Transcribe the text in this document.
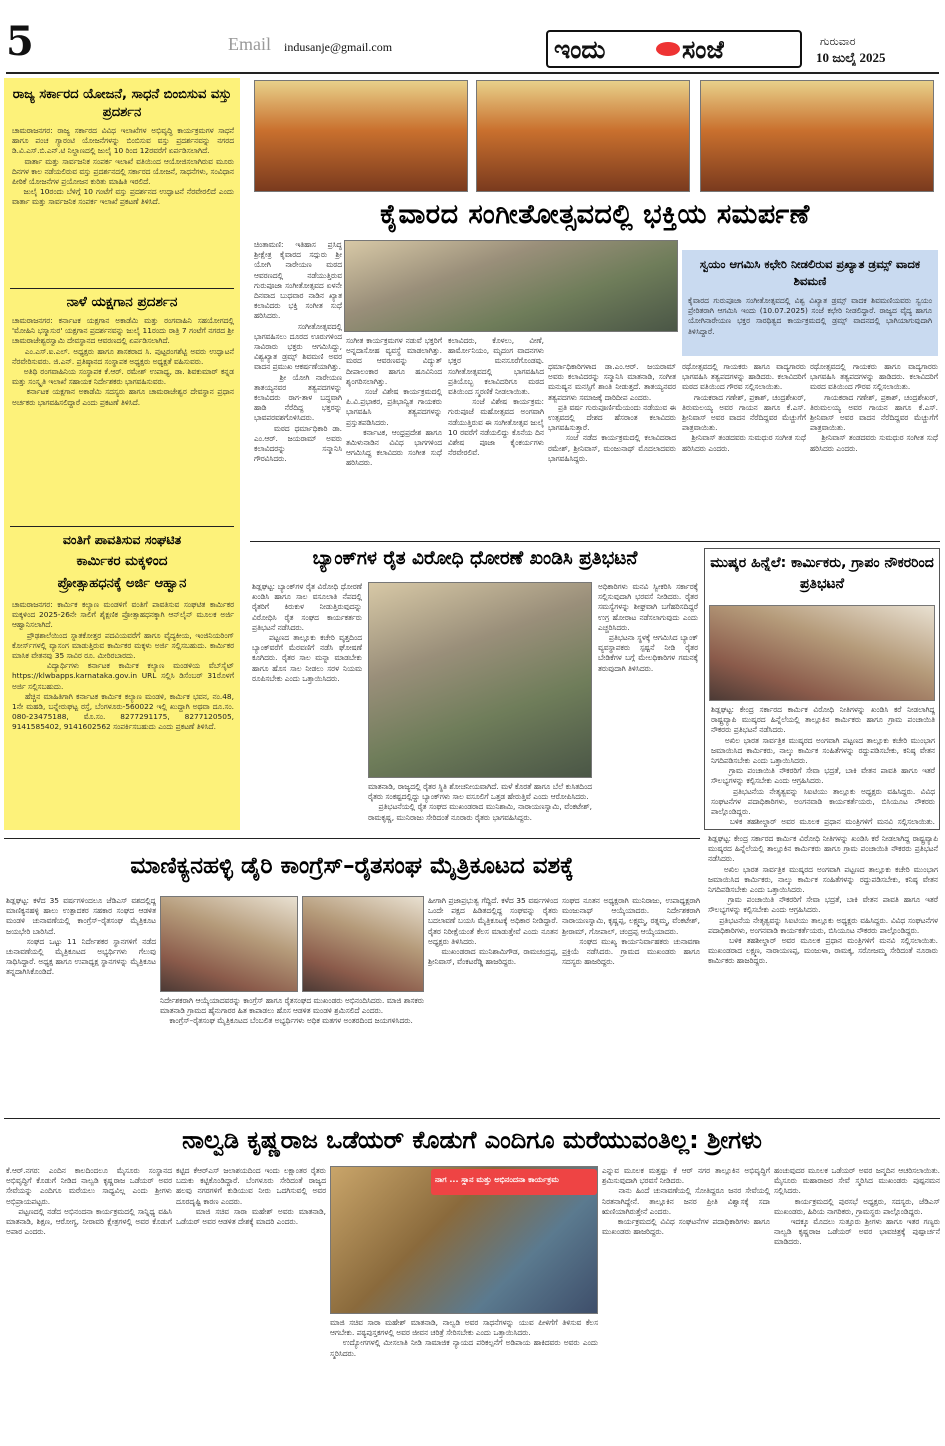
5	Email indusanje@gmail.com	ಇಂದು	ಸಂಜೆ	ಗುರುವಾರ
10 ಜುಲೈ 2025
ರಾಜ್ಯ ಸರ್ಕಾರದ ಯೋಜನೆ, ಸಾಧನೆ ಬಿಂಬಿಸುವ ವಸ್ತು ಪ್ರದರ್ಶನ
ಚಾಮರಾಜನಗರ: ರಾಜ್ಯ ಸರ್ಕಾರದ ವಿವಿಧ ಇಲಾಖೆಗಳ ಅಭಿವೃದ್ಧಿ ಕಾರ್ಯಕ್ರಮಗಳ ಸಾಧನೆ ಹಾಗೂ ಪಂಚ ಗ್ಯಾರಂಟಿ ಯೋಜನೆಗಳನ್ನು ಬಿಂಬಿಸುವ ವಸ್ತು ಪ್ರದರ್ಶನವನ್ನು ನಗರದ ಡಿ.ವಿ.ಎಸ್.ಬಿ.ಎನ್.ಟಿ ನಿಲ್ದಾಣದಲ್ಲಿ ಜುಲೈ 10 ರಿಂದ 12ರವರೆಗೆ ಏರ್ಪಡಿಸಲಾಗಿದೆ.
ವಾರ್ತಾ ಮತ್ತು ಸಾರ್ವಜನಿಕ ಸಂಪರ್ಕ ಇಲಾಖೆ ವತಿಯಿಂದ ಆಯೋಜಿಸಲಾಗಿರುವ ಮೂರು ದಿನಗಳ ಕಾಲ ನಡೆಯಲಿರುವ ವಸ್ತು ಪ್ರದರ್ಶನದಲ್ಲಿ ಸರ್ಕಾರದ ಯೋಜನೆ, ಸಾಧನೆಗಳು, ಸಂವಿಧಾನ ಪೀಠಿಕೆ ಯೋಜನೆಗಳ ಪ್ರಯೋಜನ ಕುರಿತು ಮಾಹಿತಿ ಇರಲಿದೆ.
ಜುಲೈ 10ರಂದು ಬೆಳಿಗ್ಗೆ 10 ಗಂಟೆಗೆ ವಸ್ತು ಪ್ರದರ್ಶನದ ಉದ್ಘಾಟನೆ ನೆರವೇರಲಿದೆ ಎಂದು ವಾರ್ತಾ ಮತ್ತು ಸಾರ್ವಜನಿಕ ಸಂಪರ್ಕ ಇಲಾಖೆ ಪ್ರಕಟಣೆ ತಿಳಿಸಿದೆ.
ನಾಳೆ ಯಕ್ಷಗಾನ ಪ್ರದರ್ಶನ
ಚಾಮರಾಜನಗರ: ಕರ್ನಾಟಕ ಯಕ್ಷಗಾನ ಅಕಾಡೆಮಿ ಮತ್ತು ರಂಗವಾಹಿನಿ ಸಹಯೋಗದಲ್ಲಿ 'ಮೋಹಿನಿ ಭಸ್ಮಾಸುರ' ಯಕ್ಷಗಾನ ಪ್ರದರ್ಶನವನ್ನು ಜುಲೈ 11ರಂದು ರಾತ್ರಿ 7 ಗಂಟೆಗೆ ನಗರದ ಶ್ರೀ ಚಾಮರಾಜೇಶ್ವರಸ್ವಾಮಿ ದೇವಸ್ಥಾನದ ಆವರಣದಲ್ಲಿ ಏರ್ಪಡಿಸಲಾಗಿದೆ.
ಎಂ.ಎಸ್.ಐ.ಎಲ್. ಅಧ್ಯಕ್ಷರು ಹಾಗೂ ಶಾಸಕರಾದ ಸಿ. ಪುಟ್ಟರಂಗಶೆಟ್ಟಿ ಅವರು ಉದ್ಘಾಟನೆ ನೆರವೇರಿಸುವರು. ಜಿ.ಎನ್. ಪ್ರತಿಷ್ಠಾನದ ಸಂಸ್ಥಾಪಕ ಅಧ್ಯಕ್ಷರು ಅಧ್ಯಕ್ಷತೆ ವಹಿಸುವರು.
ಅತಿಥಿ ರಂಗವಾಹಿನಿಯ ಸಂಸ್ಥಾಪಕ ಕೆ.ಆರ್. ರಮೇಶ್ ಉಪಾಧ್ಯ, ಡಾ. ಶಿವಕುಮಾರ್ ಕನ್ನಡ ಮತ್ತು ಸಂಸ್ಕೃತಿ ಇಲಾಖೆ ಸಹಾಯಕ ನಿರ್ದೇಶಕರು ಭಾಗವಹಿಸುವರು.
ಕರ್ನಾಟಕ ಯಕ್ಷಗಾನ ಅಕಾಡೆಮಿ ಸದಸ್ಯರು ಹಾಗೂ ಚಾಮರಾಜೇಶ್ವರ ದೇವಸ್ಥಾನ ಪ್ರಧಾನ ಅರ್ಚಕರು ಭಾಗವಹಿಸಲಿದ್ದಾರೆ ಎಂದು ಪ್ರಕಟಣೆ ತಿಳಿಸಿದೆ.
ವಂತಿಗೆ ಪಾವತಿಸುವ ಸಂಘಟಿತ
ಕಾರ್ಮಿಕರ ಮಕ್ಕಳಿಂದ
ಪ್ರೋತ್ಸಾಹಧನಕ್ಕೆ ಅರ್ಜಿ ಆಹ್ವಾನ
ಚಾಮರಾಜನಗರ: ಕಾರ್ಮಿಕ ಕಲ್ಯಾಣ ಮಂಡಳಿಗೆ ವಂತಿಗೆ ಪಾವತಿಸುವ ಸಂಘಟಿತ ಕಾರ್ಮಿಕರ ಮಕ್ಕಳಿಂದ 2025-26ನೇ ಸಾಲಿಗೆ ಶೈಕ್ಷಣಿಕ ಪ್ರೋತ್ಸಾಹಧನಕ್ಕಾಗಿ ಆನ್‌ಲೈನ್ ಮೂಲಕ ಅರ್ಜಿ ಆಹ್ವಾನಿಸಲಾಗಿದೆ.
ಪ್ರೌಢಶಾಲೆಯಿಂದ ಸ್ನಾತಕೋತ್ತರ ಪದವಿಯವರೆಗೆ ಹಾಗೂ ವೈದ್ಯಕೀಯ, ಇಂಜಿನಿಯರಿಂಗ್ ಕೋರ್ಸ್‌ಗಳಲ್ಲಿ ವ್ಯಾಸಂಗ ಮಾಡುತ್ತಿರುವ ಕಾರ್ಮಿಕರ ಮಕ್ಕಳು ಅರ್ಜಿ ಸಲ್ಲಿಸಬಹುದು. ಕಾರ್ಮಿಕರ ಮಾಸಿಕ ವೇತನವು 35 ಸಾವಿರ ರೂ. ಮೀರಿರಬಾರದು.
ವಿದ್ಯಾರ್ಥಿಗಳು ಕರ್ನಾಟಕ ಕಾರ್ಮಿಕ ಕಲ್ಯಾಣ ಮಂಡಳಿಯ ವೆಬ್‌ಸೈಟ್ https://klwbapps.karnataka.gov.in URL ಸಲ್ಲಿಸಿ ಡಿಸೆಂಬರ್ 31ರೊಳಗೆ ಅರ್ಜಿ ಸಲ್ಲಿಸಬಹುದು.
ಹೆಚ್ಚಿನ ಮಾಹಿತಿಗಾಗಿ ಕರ್ನಾಟಕ ಕಾರ್ಮಿಕ ಕಲ್ಯಾಣ ಮಂಡಳಿ, ಕಾರ್ಮಿಕ ಭವನ, ನಂ.48, 1ನೇ ಮಹಡಿ, ಬನ್ನೇರುಘಟ್ಟ ರಸ್ತೆ, ಬೆಂಗಳೂರು-560022 ಇಲ್ಲಿ ಖುದ್ದಾಗಿ ಅಥವಾ ದೂ.ಸಂ. 080-23475188, ಮೊ.ಸಂ. 8277291175, 8277120505, 9141585402, 9141602562 ಸಂಪರ್ಕಿಸಬಹುದು ಎಂದು ಪ್ರಕಟಣೆ ತಿಳಿಸಿದೆ.
ಕೈವಾರದ ಸಂಗೀತೋತ್ಸವದಲ್ಲಿ ಭಕ್ತಿಯ ಸಮರ್ಪಣೆ
ಚಿಂತಾಮಣಿ: ಇತಿಹಾಸ ಪ್ರಸಿದ್ಧ ಶ್ರೀಕ್ಷೇತ್ರ ಕೈವಾರದ ಸದ್ಗುರು ಶ್ರೀ ಯೋಗಿ ನಾರೇಯಣ ಮಠದ ಆವರಣದಲ್ಲಿ ನಡೆಯುತ್ತಿರುವ ಗುರುಪೂಜಾ ಸಂಗೀತೋತ್ಸವದ ಏಳನೇ ದಿನವಾದ ಬುಧವಾರ ನಾಡಿನ ಖ್ಯಾತ ಕಲಾವಿದರು ಭಕ್ತಿ ಸಂಗೀತ ಸುಧೆ ಹರಿಸಿದರು.
ಸಂಗೀತೋತ್ಸವದಲ್ಲಿ ಭಾಗವಹಿಸಲು ದೂರದ ಊರುಗಳಿಂದ ಸಾವಿರಾರು ಭಕ್ತರು ಆಗಮಿಸಿದ್ದು, ವಿಶ್ವಖ್ಯಾತ ಡ್ರಮ್ಸ್ ಶಿವಮಣಿ ಅವರ ವಾದನ ಪ್ರಮುಖ ಆಕರ್ಷಣೆಯಾಗಿತ್ತು.
ಶ್ರೀ ಯೋಗಿ ನಾರೇಯಣ ತಾತಯ್ಯನವರ ತತ್ವಪದಗಳನ್ನು ಕಲಾವಿದರು ರಾಗ-ತಾಳ ಬದ್ಧವಾಗಿ ಹಾಡಿ ನೆರೆದಿದ್ದ ಭಕ್ತರನ್ನು ಭಾವಪರವಶಗೊಳಿಸಿದರು.
ಮಠದ ಧರ್ಮಾಧಿಕಾರಿ ಡಾ. ಎಂ.ಆರ್. ಜಯರಾಮ್ ಅವರು ಕಲಾವಿದರನ್ನು ಸನ್ಮಾನಿಸಿ ಗೌರವಿಸಿದರು.
ಸಂಗೀತ ಕಾರ್ಯಕ್ರಮಗಳ ನಡುವೆ ಭಕ್ತರಿಗೆ ಅನ್ನದಾಸೋಹ ವ್ಯವಸ್ಥೆ ಮಾಡಲಾಗಿತ್ತು. ಮಠದ ಆವರಣವನ್ನು ವಿದ್ಯುತ್ ದೀಪಾಲಂಕಾರ ಹಾಗೂ ಹೂವಿನಿಂದ ಶೃಂಗರಿಸಲಾಗಿತ್ತು.
ಸಂಜೆ ವಿಶೇಷ ಕಾರ್ಯಕ್ರಮದಲ್ಲಿ ಪಿ.ವಿ.ಪ್ರಭಾಕರ, ಪ್ರತಿಭಾನ್ವಿತ ಗಾಯಕರು ಭಾಗವಹಿಸಿ ತತ್ವಪದಗಳನ್ನು ಪ್ರಸ್ತುತಪಡಿಸಿದರು.
ಕರ್ನಾಟಕ, ಆಂಧ್ರಪ್ರದೇಶ ಹಾಗೂ ತಮಿಳುನಾಡಿನ ವಿವಿಧ ಭಾಗಗಳಿಂದ ಆಗಮಿಸಿದ್ದ ಕಲಾವಿದರು ಸಂಗೀತ ಸುಧೆ ಹರಿಸಿದರು.
ಕಲಾವಿದರು, ಕೊಳಲು, ವೀಣೆ, ಹಾರ್ಮೋನಿಯಂ, ಮೃದಂಗ ವಾದನಗಳು ಭಕ್ತರ ಮನಸೂರೆಗೊಂಡವು. ಸಂಗೀತೋತ್ಸವದಲ್ಲಿ ಭಾಗವಹಿಸಿದ ಪ್ರತಿಯೊಬ್ಬ ಕಲಾವಿದರಿಗೂ ಮಠದ ವತಿಯಿಂದ ಸ್ಮರಣಿಕೆ ನೀಡಲಾಯಿತು.
ಸಂಜೆ ವಿಶೇಷ ಕಾರ್ಯಕ್ರಮ: ಗುರುಪೂಜೆ ಮಹೋತ್ಸವದ ಅಂಗವಾಗಿ ನಡೆಯುತ್ತಿರುವ ಈ ಸಂಗೀತೋತ್ಸವ ಜುಲೈ 10 ರವರೆಗೆ ನಡೆಯಲಿದ್ದು ಕೊನೆಯ ದಿನ ವಿಶೇಷ ಪೂಜಾ ಕೈಂಕರ್ಯಗಳು ನೆರವೇರಲಿವೆ.
ಸ್ವಯಂ ಆಗಮಿಸಿ ಕಛೇರಿ ನೀಡಲಿರುವ ಪ್ರಖ್ಯಾತ ಡ್ರಮ್ಸ್ ವಾದಕ ಶಿವಮಣಿ
ಕೈವಾರದ ಗುರುಪೂಜಾ ಸಂಗೀತೋತ್ಸವದಲ್ಲಿ ವಿಶ್ವ ವಿಖ್ಯಾತ ಡ್ರಮ್ಸ್ ವಾದಕ ಶಿವಮಣಿಯವರು ಸ್ವಯಂ ಪ್ರೇರಿತರಾಗಿ ಆಗಮಿಸಿ ಇಂದು (10.07.2025) ಸಂಜೆ ಕಛೇರಿ ನೀಡಲಿದ್ದಾರೆ. ರಾಜ್ಯದ ವೈದ್ಯ ಹಾಗೂ ಯೋಗಿನಾರೇಯಣ ಭಕ್ತರ ಸಾರಥಿತ್ವದ ಕಾರ್ಯಕ್ರಮದಲ್ಲಿ ಡ್ರಮ್ಸ್ ವಾದನದಲ್ಲಿ ಭಾಗಿಯಾಗುವುದಾಗಿ ತಿಳಿಸಿದ್ದಾರೆ.
ಧರ್ಮಾಧಿಕಾರಿಗಳಾದ ಡಾ.ಎಂ.ಆರ್. ಜಯರಾಮ್ ಅವರು ಕಲಾವಿದರನ್ನು ಸನ್ಮಾನಿಸಿ ಮಾತನಾಡಿ, ಸಂಗೀತ ಮನುಷ್ಯನ ಮನಸ್ಸಿಗೆ ಶಾಂತಿ ನೀಡುತ್ತದೆ. ತಾತಯ್ಯನವರ ತತ್ವಪದಗಳು ಸಮಾಜಕ್ಕೆ ದಾರಿದೀಪ ಎಂದರು.
ಪ್ರತಿ ವರ್ಷ ಗುರುಪೂರ್ಣಿಮೆಯಂದು ನಡೆಯುವ ಈ ಉತ್ಸವದಲ್ಲಿ ದೇಶದ ಹೆಸರಾಂತ ಕಲಾವಿದರು ಭಾಗವಹಿಸುತ್ತಾರೆ.
ಸಂಜೆ ನಡೆದ ಕಾರ್ಯಕ್ರಮದಲ್ಲಿ ಕಲಾವಿದರಾದ ರಮೇಶ್, ಶ್ರೀನಿವಾಸ್, ಮಂಜುನಾಥ್ ಮೊದಲಾದವರು ಭಾಗವಹಿಸಿದ್ದರು.
ರಥೋತ್ಸವದಲ್ಲಿ ಗಾಯಕರು ಹಾಗೂ ವಾದ್ಯಗಾರರು ಭಾಗವಹಿಸಿ ತತ್ವಪದಗಳನ್ನು ಹಾಡಿದರು. ಕಲಾವಿದರಿಗೆ ಮಠದ ವತಿಯಿಂದ ಗೌರವ ಸಲ್ಲಿಸಲಾಯಿತು.
ಗಾಯಕರಾದ ಗಣೇಶ್, ಪ್ರಕಾಶ್, ಚಂದ್ರಶೇಖರ್, ತಿರುಮಲಯ್ಯ ಅವರ ಗಾಯನ ಹಾಗೂ ಕೆ.ಎಸ್. ಶ್ರೀನಿವಾಸ್ ಅವರ ವಾದನ ನೆರೆದಿದ್ದವರ ಮೆಚ್ಚುಗೆಗೆ ಪಾತ್ರವಾಯಿತು.
ಶ್ರೀನಿವಾಸ್ ತಂಡದವರು ಸುಮಧುರ ಸಂಗೀತ ಸುಧೆ ಹರಿಸಿದರು ಎಂದರು.
ರಥೋತ್ಸವದಲ್ಲಿ ಗಾಯಕರು ಹಾಗೂ ವಾದ್ಯಗಾರರು ಭಾಗವಹಿಸಿ ತತ್ವಪದಗಳನ್ನು ಹಾಡಿದರು. ಕಲಾವಿದರಿಗೆ ಮಠದ ವತಿಯಿಂದ ಗೌರವ ಸಲ್ಲಿಸಲಾಯಿತು.
ಗಾಯಕರಾದ ಗಣೇಶ್, ಪ್ರಕಾಶ್, ಚಂದ್ರಶೇಖರ್, ತಿರುಮಲಯ್ಯ ಅವರ ಗಾಯನ ಹಾಗೂ ಕೆ.ಎಸ್. ಶ್ರೀನಿವಾಸ್ ಅವರ ವಾದನ ನೆರೆದಿದ್ದವರ ಮೆಚ್ಚುಗೆಗೆ ಪಾತ್ರವಾಯಿತು.
ಶ್ರೀನಿವಾಸ್ ತಂಡದವರು ಸುಮಧುರ ಸಂಗೀತ ಸುಧೆ ಹರಿಸಿದರು ಎಂದರು.
ಬ್ಯಾಂಕ್‌ಗಳ ರೈತ ವಿರೋಧಿ ಧೋರಣೆ ಖಂಡಿಸಿ ಪ್ರತಿಭಟನೆ
ಶಿಡ್ಲಘಟ್ಟ: ಬ್ಯಾಂಕ್‌ಗಳ ರೈತ ವಿರೋಧಿ ಧೋರಣೆ ಖಂಡಿಸಿ ಹಾಗೂ ಸಾಲ ವಸೂಲಾತಿ ನೆಪದಲ್ಲಿ ರೈತರಿಗೆ ಕಿರುಕುಳ ನೀಡುತ್ತಿರುವುದನ್ನು ವಿರೋಧಿಸಿ ರೈತ ಸಂಘದ ಕಾರ್ಯಕರ್ತರು ಪ್ರತಿಭಟನೆ ನಡೆಸಿದರು.
ಪಟ್ಟಣದ ತಾಲ್ಲೂಕು ಕಚೇರಿ ವೃತ್ತದಿಂದ ಬ್ಯಾಂಕ್‌ವರೆಗೆ ಮೆರವಣಿಗೆ ನಡೆಸಿ ಘೋಷಣೆ ಕೂಗಿದರು. ರೈತರ ಸಾಲ ಮನ್ನಾ ಮಾಡಬೇಕು ಹಾಗೂ ಹೊಸ ಸಾಲ ನೀಡಲು ಸರಳ ನಿಯಮ ರೂಪಿಸಬೇಕು ಎಂದು ಒತ್ತಾಯಿಸಿದರು.
ಮಾತನಾಡಿ, ರಾಜ್ಯದಲ್ಲಿ ರೈತರ ಸ್ಥಿತಿ ಶೋಚನೀಯವಾಗಿದೆ. ಮಳೆ ಕೊರತೆ ಹಾಗೂ ಬೆಲೆ ಕುಸಿತದಿಂದ ರೈತರು ಸಂಕಷ್ಟದಲ್ಲಿದ್ದು ಬ್ಯಾಂಕ್‌ಗಳು ಸಾಲ ವಸೂಲಿಗೆ ಒತ್ತಡ ಹೇರುತ್ತಿವೆ ಎಂದು ಆರೋಪಿಸಿದರು.
ಪ್ರತಿಭಟನೆಯಲ್ಲಿ ರೈತ ಸಂಘದ ಮುಖಂಡರಾದ ಮುನಿಶಾಮಿ, ನಾರಾಯಣಸ್ವಾಮಿ, ವೆಂಕಟೇಶ್, ರಾಮಕೃಷ್ಣ, ಮುನಿರಾಜು ಸೇರಿದಂತೆ ನೂರಾರು ರೈತರು ಭಾಗವಹಿಸಿದ್ದರು.
ಅಧಿಕಾರಿಗಳು ಮನವಿ ಸ್ವೀಕರಿಸಿ ಸರ್ಕಾರಕ್ಕೆ ಸಲ್ಲಿಸುವುದಾಗಿ ಭರವಸೆ ನೀಡಿದರು. ರೈತರ ಸಮಸ್ಯೆಗಳನ್ನು ಶೀಘ್ರವಾಗಿ ಬಗೆಹರಿಸದಿದ್ದರೆ ಉಗ್ರ ಹೋರಾಟ ನಡೆಸಲಾಗುವುದು ಎಂದು ಎಚ್ಚರಿಸಿದರು.
ಪ್ರತಿಭಟನಾ ಸ್ಥಳಕ್ಕೆ ಆಗಮಿಸಿದ ಬ್ಯಾಂಕ್ ವ್ಯವಸ್ಥಾಪಕರು ಸ್ಪಷ್ಟನೆ ನೀಡಿ ರೈತರ ಬೇಡಿಕೆಗಳ ಬಗ್ಗೆ ಮೇಲಧಿಕಾರಿಗಳ ಗಮನಕ್ಕೆ ತರುವುದಾಗಿ ತಿಳಿಸಿದರು.
ಮುಷ್ಕರ ಹಿನ್ನೆಲೆ: ಕಾರ್ಮಿಕರು, ಗ್ರಾಪಂ ನೌಕರರಿಂದ ಪ್ರತಿಭಟನೆ
ಶಿಡ್ಲಘಟ್ಟ: ಕೇಂದ್ರ ಸರ್ಕಾರದ ಕಾರ್ಮಿಕ ವಿರೋಧಿ ನೀತಿಗಳನ್ನು ಖಂಡಿಸಿ ಕರೆ ನೀಡಲಾಗಿದ್ದ ರಾಷ್ಟ್ರವ್ಯಾಪಿ ಮುಷ್ಕರದ ಹಿನ್ನೆಲೆಯಲ್ಲಿ ತಾಲ್ಲೂಕಿನ ಕಾರ್ಮಿಕರು ಹಾಗೂ ಗ್ರಾಮ ಪಂಚಾಯಿತಿ ನೌಕರರು ಪ್ರತಿಭಟನೆ ನಡೆಸಿದರು.
ಅಖಿಲ ಭಾರತ ಸಾರ್ವತ್ರಿಕ ಮುಷ್ಕರದ ಅಂಗವಾಗಿ ಪಟ್ಟಣದ ತಾಲ್ಲೂಕು ಕಚೇರಿ ಮುಂಭಾಗ ಜಮಾಯಿಸಿದ ಕಾರ್ಮಿಕರು, ನಾಲ್ಕು ಕಾರ್ಮಿಕ ಸಂಹಿತೆಗಳನ್ನು ರದ್ದುಪಡಿಸಬೇಕು, ಕನಿಷ್ಠ ವೇತನ ನಿಗದಿಪಡಿಸಬೇಕು ಎಂದು ಒತ್ತಾಯಿಸಿದರು.
ಗ್ರಾಮ ಪಂಚಾಯಿತಿ ನೌಕರರಿಗೆ ಸೇವಾ ಭದ್ರತೆ, ಬಾಕಿ ವೇತನ ಪಾವತಿ ಹಾಗೂ ಇತರೆ ಸೌಲಭ್ಯಗಳನ್ನು ಕಲ್ಪಿಸಬೇಕು ಎಂದು ಆಗ್ರಹಿಸಿದರು.
ಪ್ರತಿಭಟನೆಯ ನೇತೃತ್ವವನ್ನು ಸಿಐಟಿಯು ತಾಲ್ಲೂಕು ಅಧ್ಯಕ್ಷರು ವಹಿಸಿದ್ದರು. ವಿವಿಧ ಸಂಘಟನೆಗಳ ಪದಾಧಿಕಾರಿಗಳು, ಅಂಗನವಾಡಿ ಕಾರ್ಯಕರ್ತೆಯರು, ಬಿಸಿಯೂಟ ನೌಕರರು ಪಾಲ್ಗೊಂಡಿದ್ದರು.
ಬಳಿಕ ತಹಶೀಲ್ದಾರ್ ಅವರ ಮೂಲಕ ಪ್ರಧಾನ ಮಂತ್ರಿಗಳಿಗೆ ಮನವಿ ಸಲ್ಲಿಸಲಾಯಿತು.
ಶಿಡ್ಲಘಟ್ಟ: ಕೇಂದ್ರ ಸರ್ಕಾರದ ಕಾರ್ಮಿಕ ವಿರೋಧಿ ನೀತಿಗಳನ್ನು ಖಂಡಿಸಿ ಕರೆ ನೀಡಲಾಗಿದ್ದ ರಾಷ್ಟ್ರವ್ಯಾಪಿ ಮುಷ್ಕರದ ಹಿನ್ನೆಲೆಯಲ್ಲಿ ತಾಲ್ಲೂಕಿನ ಕಾರ್ಮಿಕರು ಹಾಗೂ ಗ್ರಾಮ ಪಂಚಾಯಿತಿ ನೌಕರರು ಪ್ರತಿಭಟನೆ ನಡೆಸಿದರು.
ಅಖಿಲ ಭಾರತ ಸಾರ್ವತ್ರಿಕ ಮುಷ್ಕರದ ಅಂಗವಾಗಿ ಪಟ್ಟಣದ ತಾಲ್ಲೂಕು ಕಚೇರಿ ಮುಂಭಾಗ ಜಮಾಯಿಸಿದ ಕಾರ್ಮಿಕರು, ನಾಲ್ಕು ಕಾರ್ಮಿಕ ಸಂಹಿತೆಗಳನ್ನು ರದ್ದುಪಡಿಸಬೇಕು, ಕನಿಷ್ಠ ವೇತನ ನಿಗದಿಪಡಿಸಬೇಕು ಎಂದು ಒತ್ತಾಯಿಸಿದರು.
ಗ್ರಾಮ ಪಂಚಾಯಿತಿ ನೌಕರರಿಗೆ ಸೇವಾ ಭದ್ರತೆ, ಬಾಕಿ ವೇತನ ಪಾವತಿ ಹಾಗೂ ಇತರೆ ಸೌಲಭ್ಯಗಳನ್ನು ಕಲ್ಪಿಸಬೇಕು ಎಂದು ಆಗ್ರಹಿಸಿದರು.
ಪ್ರತಿಭಟನೆಯ ನೇತೃತ್ವವನ್ನು ಸಿಐಟಿಯು ತಾಲ್ಲೂಕು ಅಧ್ಯಕ್ಷರು ವಹಿಸಿದ್ದರು. ವಿವಿಧ ಸಂಘಟನೆಗಳ ಪದಾಧಿಕಾರಿಗಳು, ಅಂಗನವಾಡಿ ಕಾರ್ಯಕರ್ತೆಯರು, ಬಿಸಿಯೂಟ ನೌಕರರು ಪಾಲ್ಗೊಂಡಿದ್ದರು.
ಬಳಿಕ ತಹಶೀಲ್ದಾರ್ ಅವರ ಮೂಲಕ ಪ್ರಧಾನ ಮಂತ್ರಿಗಳಿಗೆ ಮನವಿ ಸಲ್ಲಿಸಲಾಯಿತು. ಮುಖಂಡರಾದ ಲಕ್ಷ್ಮಣ, ನಾರಾಯಣಪ್ಪ, ಮಂಜುಳಾ, ರಾಮಕ್ಕ, ಸರೋಜಮ್ಮ ಸೇರಿದಂತೆ ನೂರಾರು ಕಾರ್ಮಿಕರು ಹಾಜರಿದ್ದರು.
ಮಾಣಿಕ್ಯನಹಳ್ಳಿ ಡೈರಿ ಕಾಂಗ್ರೆಸ್–ರೈತಸಂಘ ಮೈತ್ರಿಕೂಟದ ವಶಕ್ಕೆ
ಶಿಡ್ಲಘಟ್ಟ: ಕಳೆದ 35 ವರ್ಷಗಳಿಂದಲೂ ಜೆಡಿಎಸ್ ವಶದಲ್ಲಿದ್ದ ಮಾಣಿಕ್ಯನಹಳ್ಳಿ ಹಾಲು ಉತ್ಪಾದಕರ ಸಹಕಾರ ಸಂಘದ ಆಡಳಿತ ಮಂಡಳಿ ಚುನಾವಣೆಯಲ್ಲಿ ಕಾಂಗ್ರೆಸ್–ರೈತಸಂಘ ಮೈತ್ರಿಕೂಟ ಜಯಭೇರಿ ಬಾರಿಸಿದೆ.
ಸಂಘದ ಒಟ್ಟು 11 ನಿರ್ದೇಶಕರ ಸ್ಥಾನಗಳಿಗೆ ನಡೆದ ಚುನಾವಣೆಯಲ್ಲಿ ಮೈತ್ರಿಕೂಟದ ಅಭ್ಯರ್ಥಿಗಳು ಗೆಲುವು ಸಾಧಿಸಿದ್ದಾರೆ. ಅಧ್ಯಕ್ಷ ಹಾಗೂ ಉಪಾಧ್ಯಕ್ಷ ಸ್ಥಾನಗಳನ್ನು ಮೈತ್ರಿಕೂಟ ತನ್ನದಾಗಿಸಿಕೊಂಡಿದೆ.
ನಿರ್ದೇಶಕರಾಗಿ ಆಯ್ಕೆಯಾದವರನ್ನು ಕಾಂಗ್ರೆಸ್ ಹಾಗೂ ರೈತಸಂಘದ ಮುಖಂಡರು ಅಭಿನಂದಿಸಿದರು. ಮಾಜಿ ಶಾಸಕರು ಮಾತನಾಡಿ ಗ್ರಾಮದ ಹೈನುಗಾರರ ಹಿತ ಕಾಪಾಡಲು ಹೊಸ ಆಡಳಿತ ಮಂಡಳಿ ಶ್ರಮಿಸಲಿದೆ ಎಂದರು.
ಕಾಂಗ್ರೆಸ್–ರೈತಸಂಘ ಮೈತ್ರಿಕೂಟದ ಬೆಂಬಲಿತ ಅಭ್ಯರ್ಥಿಗಳು ಅಧಿಕ ಮತಗಳ ಅಂತರದಿಂದ ಜಯಗಳಿಸಿದರು.
ಹೀಗಾಗಿ ಪ್ರಜಾಪ್ರಭುತ್ವ ಗೆದ್ದಿದೆ. ಕಳೆದ 35 ವರ್ಷಗಳಿಂದ ಒಂದೇ ಪಕ್ಷದ ಹಿಡಿತದಲ್ಲಿದ್ದ ಸಂಘವನ್ನು ರೈತರು ಬದಲಾವಣೆ ಬಯಸಿ ಮೈತ್ರಿಕೂಟಕ್ಕೆ ಅಧಿಕಾರ ನೀಡಿದ್ದಾರೆ. ರೈತರ ನಿರೀಕ್ಷೆಯಂತೆ ಕೆಲಸ ಮಾಡುತ್ತೇವೆ ಎಂದು ನೂತನ ಅಧ್ಯಕ್ಷರು ತಿಳಿಸಿದರು.
ಮುಖಂಡರಾದ ಮುನಿಶಾಮಿಗೌಡ, ರಾಮಚಂದ್ರಪ್ಪ, ಶ್ರೀನಿವಾಸ್, ವೆಂಕಟರೆಡ್ಡಿ ಹಾಜರಿದ್ದರು.
ಸಂಘದ ನೂತನ ಅಧ್ಯಕ್ಷರಾಗಿ ಮುನಿರಾಜು, ಉಪಾಧ್ಯಕ್ಷರಾಗಿ ಮಂಜುನಾಥ್ ಆಯ್ಕೆಯಾದರು. ನಿರ್ದೇಶಕರಾಗಿ ನಾರಾಯಣಸ್ವಾಮಿ, ಕೃಷ್ಣಪ್ಪ, ಲಕ್ಷ್ಮಮ್ಮ, ರತ್ನಮ್ಮ, ವೆಂಕಟೇಶ್, ಶ್ರೀರಾಮ್, ಗೋಪಾಲ್, ಚಂದ್ರಪ್ಪ ಆಯ್ಕೆಯಾದರು.
ಸಂಘದ ಮುಖ್ಯ ಕಾರ್ಯನಿರ್ವಾಹಕರು ಚುನಾವಣಾ ಪ್ರಕ್ರಿಯೆ ನಡೆಸಿದರು. ಗ್ರಾಮದ ಮುಖಂಡರು ಹಾಗೂ ಸದಸ್ಯರು ಹಾಜರಿದ್ದರು.
ನಾಲ್ವಡಿ ಕೃಷ್ಣರಾಜ ಒಡೆಯರ್ ಕೊಡುಗೆ ಎಂದಿಗೂ ಮರೆಯುವಂತಿಲ್ಲ: ಶ್ರೀಗಳು
ಕೆ.ಆರ್.ನಗರ: ಎಂದಿನ ಕಾಲದಿಂದಲೂ ಮೈಸೂರು ಸಂಸ್ಥಾನದ ಅಭಿವೃದ್ಧಿಗೆ ಕೊಡುಗೆ ನೀಡಿದ ನಾಲ್ವಡಿ ಕೃಷ್ಣರಾಜ ಒಡೆಯರ್ ಅವರ ಸೇವೆಯನ್ನು ಎಂದಿಗೂ ಮರೆಯಲು ಸಾಧ್ಯವಿಲ್ಲ ಎಂದು ಶ್ರೀಗಳು ಅಭಿಪ್ರಾಯಪಟ್ಟರು.
ಪಟ್ಟಣದಲ್ಲಿ ನಡೆದ ಅಭಿನಂದನಾ ಕಾರ್ಯಕ್ರಮದಲ್ಲಿ ಸಾನ್ನಿಧ್ಯ ವಹಿಸಿ ಮಾತನಾಡಿ, ಶಿಕ್ಷಣ, ಆರೋಗ್ಯ, ನೀರಾವರಿ ಕ್ಷೇತ್ರಗಳಲ್ಲಿ ಅವರ ಕೊಡುಗೆ ಅಪಾರ ಎಂದರು.
ಕಟ್ಟಿದ ಕೆಆರ್‌ಎಸ್ ಜಲಾಶಯದಿಂದ ಇಂದು ಲಕ್ಷಾಂತರ ರೈತರು ಬದುಕು ಕಟ್ಟಿಕೊಂಡಿದ್ದಾರೆ. ಬೆಂಗಳೂರು ಸೇರಿದಂತೆ ರಾಜ್ಯದ ಹಲವು ನಗರಗಳಿಗೆ ಕುಡಿಯುವ ನೀರು ಒದಗಿಸುವಲ್ಲಿ ಅವರ ದೂರದೃಷ್ಟಿ ಕಾರಣ ಎಂದರು.
ಮಾಜಿ ಸಚಿವ ಸಾರಾ ಮಹೇಶ್ ಅವರು ಮಾತನಾಡಿ, ಒಡೆಯರ್ ಅವರ ಆಡಳಿತ ದೇಶಕ್ಕೆ ಮಾದರಿ ಎಂದರು.
ನಾಗ ... ಸ್ಥಾನ ಮತ್ತು ಅಭಿನಂದನಾ ಕಾರ್ಯಕ್ರಮ
ಮಾಜಿ ಸಚಿವ ಸಾರಾ ಮಹೇಶ್ ಮಾತನಾಡಿ, ನಾಲ್ವಡಿ ಅವರ ಸಾಧನೆಗಳನ್ನು ಯುವ ಪೀಳಿಗೆಗೆ ತಿಳಿಸುವ ಕೆಲಸ ಆಗಬೇಕು. ಪಠ್ಯಪುಸ್ತಕಗಳಲ್ಲಿ ಅವರ ಜೀವನ ಚರಿತ್ರೆ ಸೇರಿಸಬೇಕು ಎಂದು ಒತ್ತಾಯಿಸಿದರು.
ಉದ್ಯೋಗಗಳಲ್ಲಿ ಮೀಸಲಾತಿ ನೀಡಿ ಸಾಮಾಜಿಕ ನ್ಯಾಯದ ಪರಿಕಲ್ಪನೆಗೆ ಅಡಿಪಾಯ ಹಾಕಿದವರು ಅವರು ಎಂದು ಸ್ಮರಿಸಿದರು.
ಎನ್ನುವ ಮೂಲಕ ಮತ್ತಷ್ಟು ಕೆ ಆರ್ ನಗರ ತಾಲ್ಲೂಕಿನ ಅಭಿವೃದ್ಧಿಗೆ ಶ್ರಮಿಸುವುದಾಗಿ ಭರವಸೆ ನೀಡಿದರು.
ನಾನು ಹಿಂದೆ ಚುನಾವಣೆಯಲ್ಲಿ ಸೋತಿದ್ದರೂ ಜನರ ಸೇವೆಯಲ್ಲಿ ನಿರತನಾಗಿದ್ದೇನೆ. ತಾಲ್ಲೂಕಿನ ಜನರ ಪ್ರೀತಿ ವಿಶ್ವಾಸಕ್ಕೆ ಸದಾ ಋಣಿಯಾಗಿರುತ್ತೇನೆ ಎಂದರು.
ಕಾರ್ಯಕ್ರಮದಲ್ಲಿ ವಿವಿಧ ಸಂಘಟನೆಗಳ ಪದಾಧಿಕಾರಿಗಳು ಹಾಗೂ ಮುಖಂಡರು ಹಾಜರಿದ್ದರು.
ಹಂಚುವುದರ ಮೂಲಕ ಒಡೆಯರ್ ಅವರ ಜನ್ಮದಿನ ಆಚರಿಸಲಾಯಿತು. ಮೈಸೂರು ಮಹಾರಾಜರ ಸೇವೆ ಸ್ಮರಿಸಿದ ಮುಖಂಡರು ಪುಷ್ಪನಮನ ಸಲ್ಲಿಸಿದರು.
ಕಾರ್ಯಕ್ರಮದಲ್ಲಿ ಪುರಸಭೆ ಅಧ್ಯಕ್ಷರು, ಸದಸ್ಯರು, ಜೆಡಿಎಸ್ ಮುಖಂಡರು, ಹಿರಿಯ ನಾಗರಿಕರು, ಗ್ರಾಮಸ್ಥರು ಪಾಲ್ಗೊಂಡಿದ್ದರು.
ಇದಕ್ಕೂ ಮೊದಲು ಸುತ್ತೂರು ಶ್ರೀಗಳು ಹಾಗೂ ಇತರ ಗಣ್ಯರು ನಾಲ್ವಡಿ ಕೃಷ್ಣರಾಜ ಒಡೆಯರ್ ಅವರ ಭಾವಚಿತ್ರಕ್ಕೆ ಪುಷ್ಪಾರ್ಚನೆ ಮಾಡಿದರು.
